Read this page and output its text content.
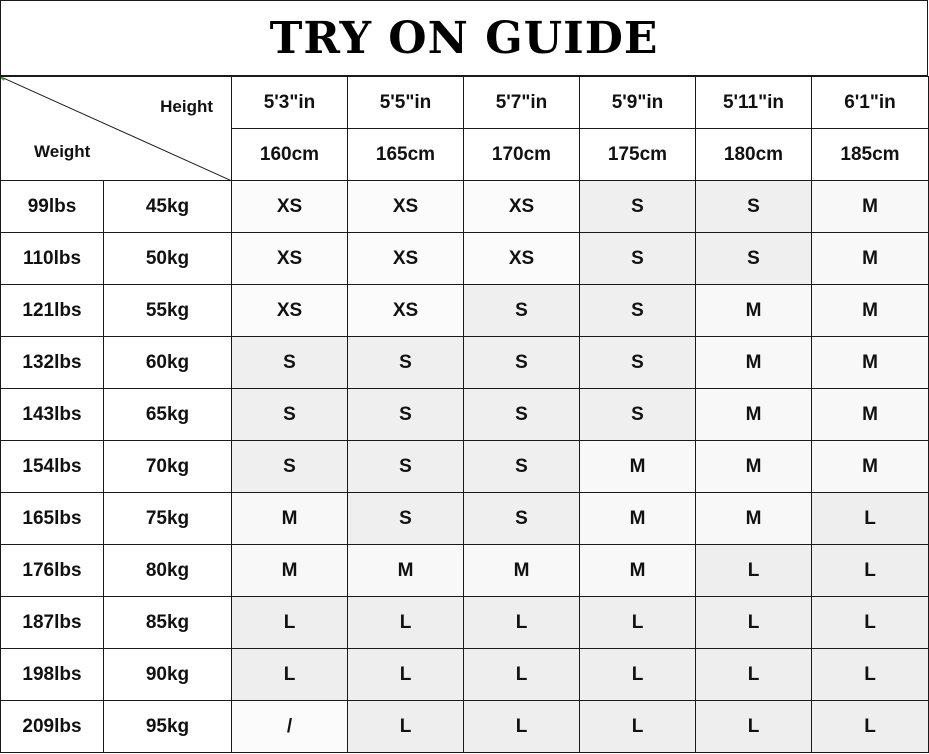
TRY ON GUIDE
Height
Weight		5'3"in	5'5"in	5'7"in	5'9"in	5'11"in	6'1"in
		160cm	165cm	170cm	175cm	180cm	185cm
99lbs	45kg	XS	XS	XS	S	S	M
110lbs	50kg	XS	XS	XS	S	S	M
121lbs	55kg	XS	XS	S	S	M	M
132lbs	60kg	S	S	S	S	M	M
143lbs	65kg	S	S	S	S	M	M
154lbs	70kg	S	S	S	M	M	M
165lbs	75kg	M	S	S	M	M	L
176lbs	80kg	M	M	M	M	L	L
187lbs	85kg	L	L	L	L	L	L
198lbs	90kg	L	L	L	L	L	L
209lbs	95kg	/	L	L	L	L	L
